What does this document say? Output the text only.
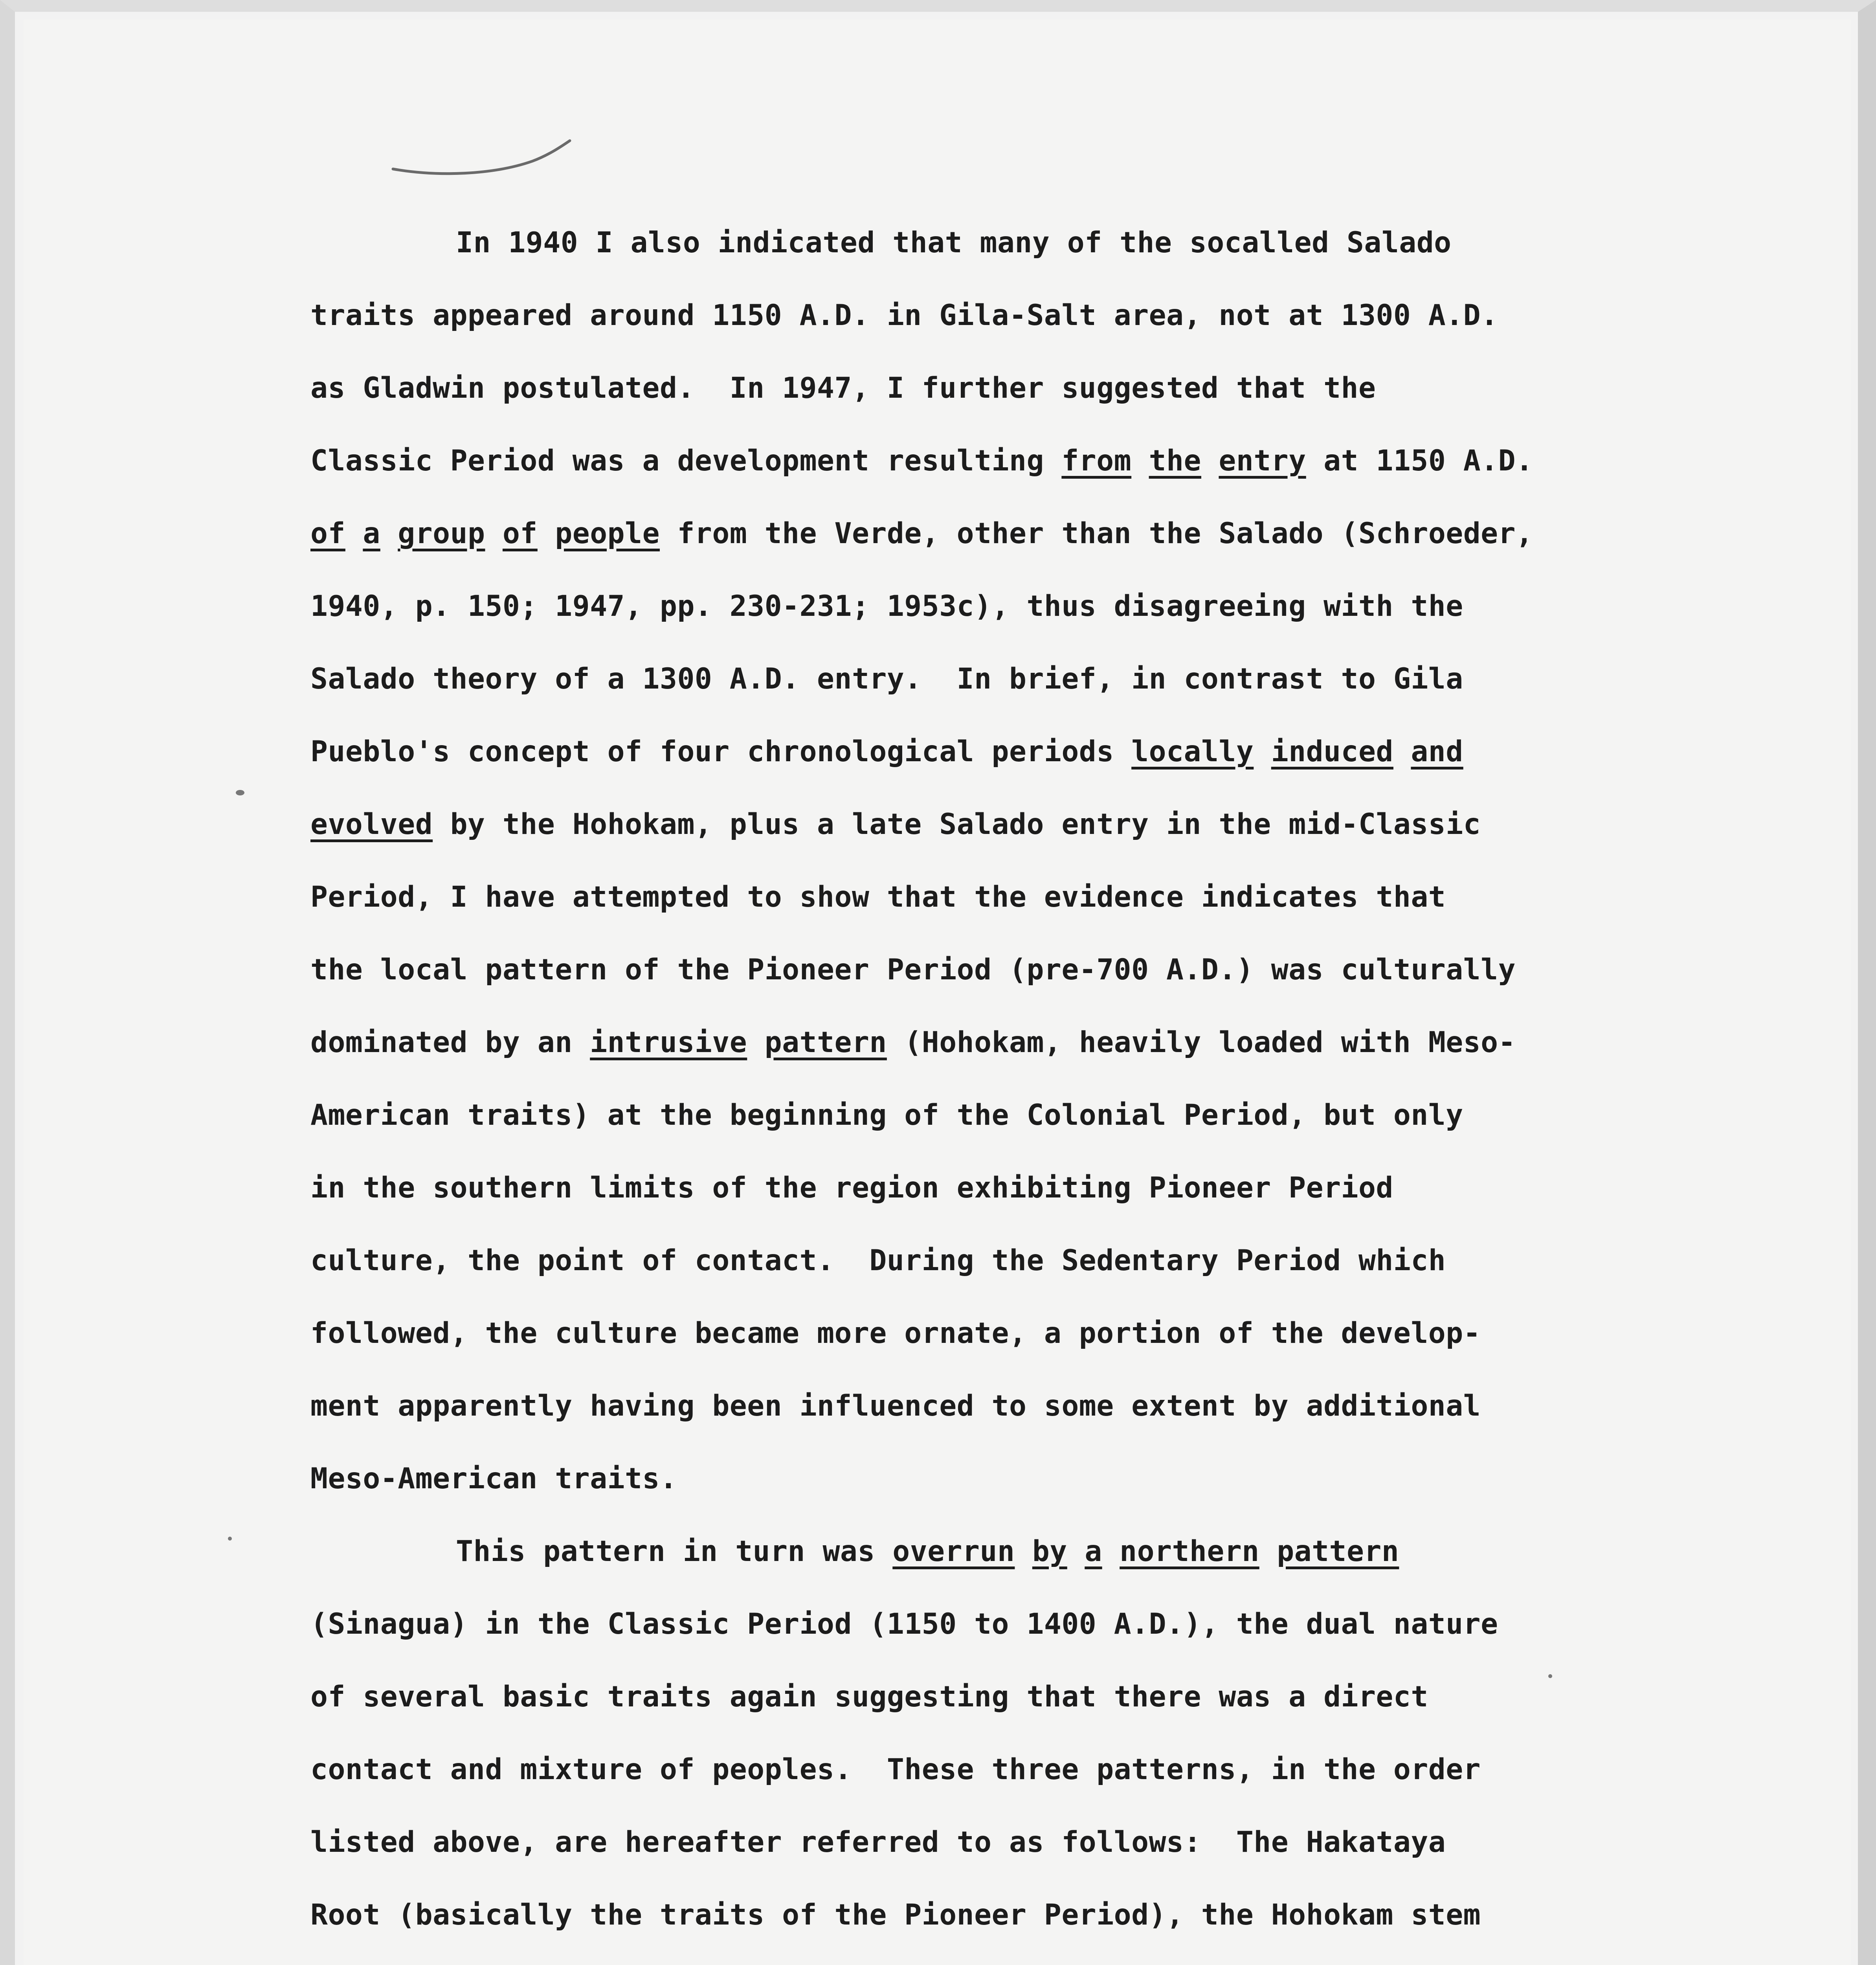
In 1940 I also indicated that many of the socalled Salado
traits appeared around 1150 A.D. in Gila-Salt area, not at 1300 A.D.
as Gladwin postulated.  In 1947, I further suggested that the
Classic Period was a development resulting from the entry at 1150 A.D.
of a group of people from the Verde, other than the Salado (Schroeder,
1940, p. 150; 1947, pp. 230-231; 1953c), thus disagreeing with the
Salado theory of a 1300 A.D. entry.  In brief, in contrast to Gila
Pueblo's concept of four chronological periods locally induced and
evolved by the Hohokam, plus a late Salado entry in the mid-Classic
Period, I have attempted to show that the evidence indicates that
the local pattern of the Pioneer Period (pre-700 A.D.) was culturally
dominated by an intrusive pattern (Hohokam, heavily loaded with Meso-
American traits) at the beginning of the Colonial Period, but only
in the southern limits of the region exhibiting Pioneer Period
culture, the point of contact.  During the Sedentary Period which
followed, the culture became more ornate, a portion of the develop-
ment apparently having been influenced to some extent by additional
Meso-American traits.
This pattern in turn was overrun by a northern pattern
(Sinagua) in the Classic Period (1150 to 1400 A.D.), the dual nature
of several basic traits again suggesting that there was a direct
contact and mixture of peoples.  These three patterns, in the order
listed above, are hereafter referred to as follows:  The Hakataya
Root (basically the traits of the Pioneer Period), the Hohokam stem
